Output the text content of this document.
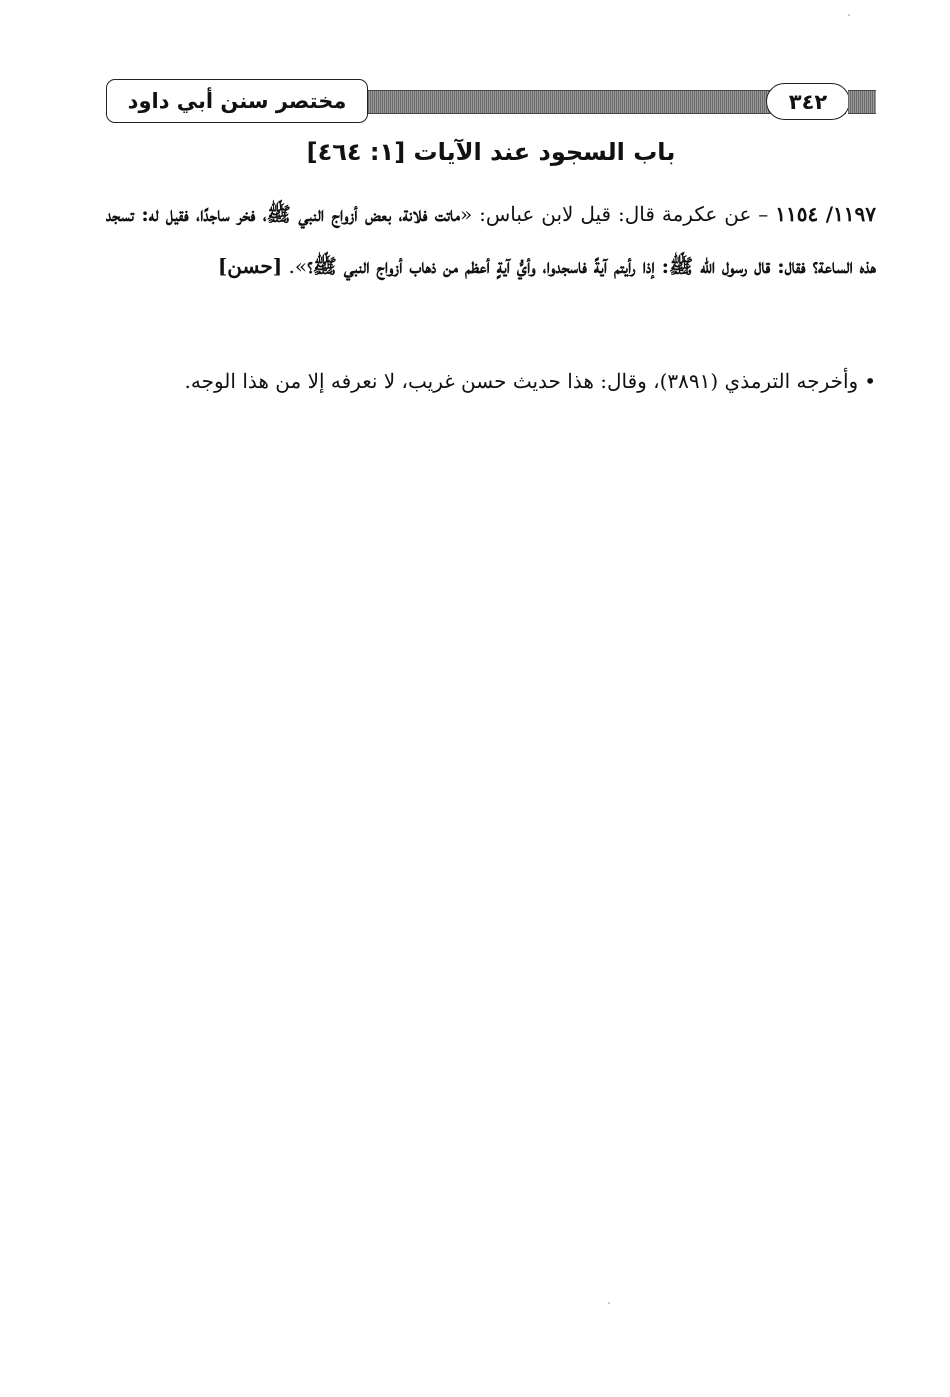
مختصر سنن أبي داود	٣٤٢
باب السجود عند الآيات [١: ٤٦٤]
١١٩٧/ ١١٥٤ – عن عكرمة قال: قيل لابن عباس: «ماتت فلانة، بعض أزواج النبي ﷺ، فخر ساجدًا، فقيل له: تسجد هذه الساعة؟ فقال: قال رسول الله ﷺ: إذا رأيتم آيةً فاسجدوا، وأيُّ آيةٍ أعظم من ذهاب أزواج النبي ﷺ؟». [حسن]
•وأخرجه الترمذي (٣٨٩١)، وقال: هذا حديث حسن غريب، لا نعرفه إلا من هذا الوجه.
